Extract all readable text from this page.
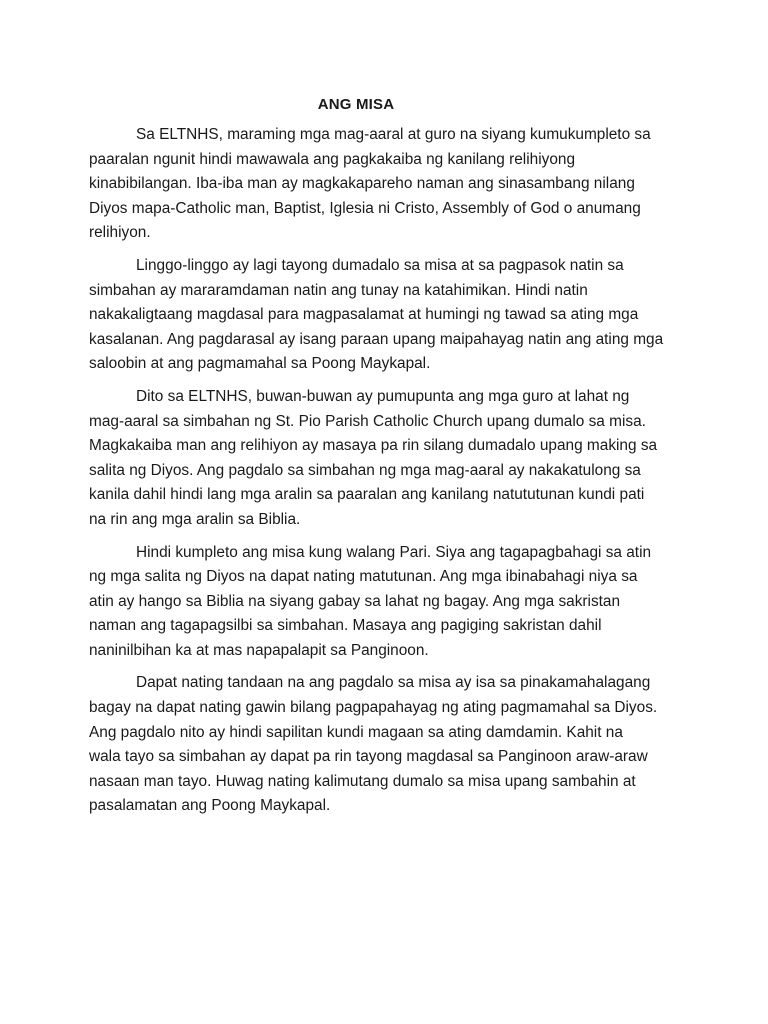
ANG MISA

Sa ELTNHS, maraming mga mag-aaral at guro na siyang kumukumpleto sa
paaralan ngunit hindi mawawala ang pagkakaiba ng kanilang relihiyong
kinabibilangan. Iba-iba man ay magkakapareho naman ang sinasambang nilang
Diyos mapa-Catholic man, Baptist, Iglesia ni Cristo, Assembly of God o anumang
relihiyon.

Linggo-linggo ay lagi tayong dumadalo sa misa at sa pagpasok natin sa
simbahan ay mararamdaman natin ang tunay na katahimikan. Hindi natin
nakakaligtaang magdasal para magpasalamat at humingi ng tawad sa ating mga
kasalanan. Ang pagdarasal ay isang paraan upang maipahayag natin ang ating mga
saloobin at ang pagmamahal sa Poong Maykapal.

Dito sa ELTNHS, buwan-buwan ay pumupunta ang mga guro at lahat ng
mag-aaral sa simbahan ng St. Pio Parish Catholic Church upang dumalo sa misa.
Magkakaiba man ang relihiyon ay masaya pa rin silang dumadalo upang making sa
salita ng Diyos. Ang pagdalo sa simbahan ng mga mag-aaral ay nakakatulong sa
kanila dahil hindi lang mga aralin sa paaralan ang kanilang natututunan kundi pati
na rin ang mga aralin sa Biblia.

Hindi kumpleto ang misa kung walang Pari. Siya ang tagapagbahagi sa atin
ng mga salita ng Diyos na dapat nating matutunan. Ang mga ibinabahagi niya sa
atin ay hango sa Biblia na siyang gabay sa lahat ng bagay. Ang mga sakristan
naman ang tagapagsilbi sa simbahan. Masaya ang pagiging sakristan dahil
naninilbihan ka at mas napapalapit sa Panginoon.

Dapat nating tandaan na ang pagdalo sa misa ay isa sa pinakamahalagang
bagay na dapat nating gawin bilang pagpapahayag ng ating pagmamahal sa Diyos.
Ang pagdalo nito ay hindi sapilitan kundi magaan sa ating damdamin. Kahit na
wala tayo sa simbahan ay dapat pa rin tayong magdasal sa Panginoon araw-araw
nasaan man tayo. Huwag nating kalimutang dumalo sa misa upang sambahin at
pasalamatan ang Poong Maykapal.
